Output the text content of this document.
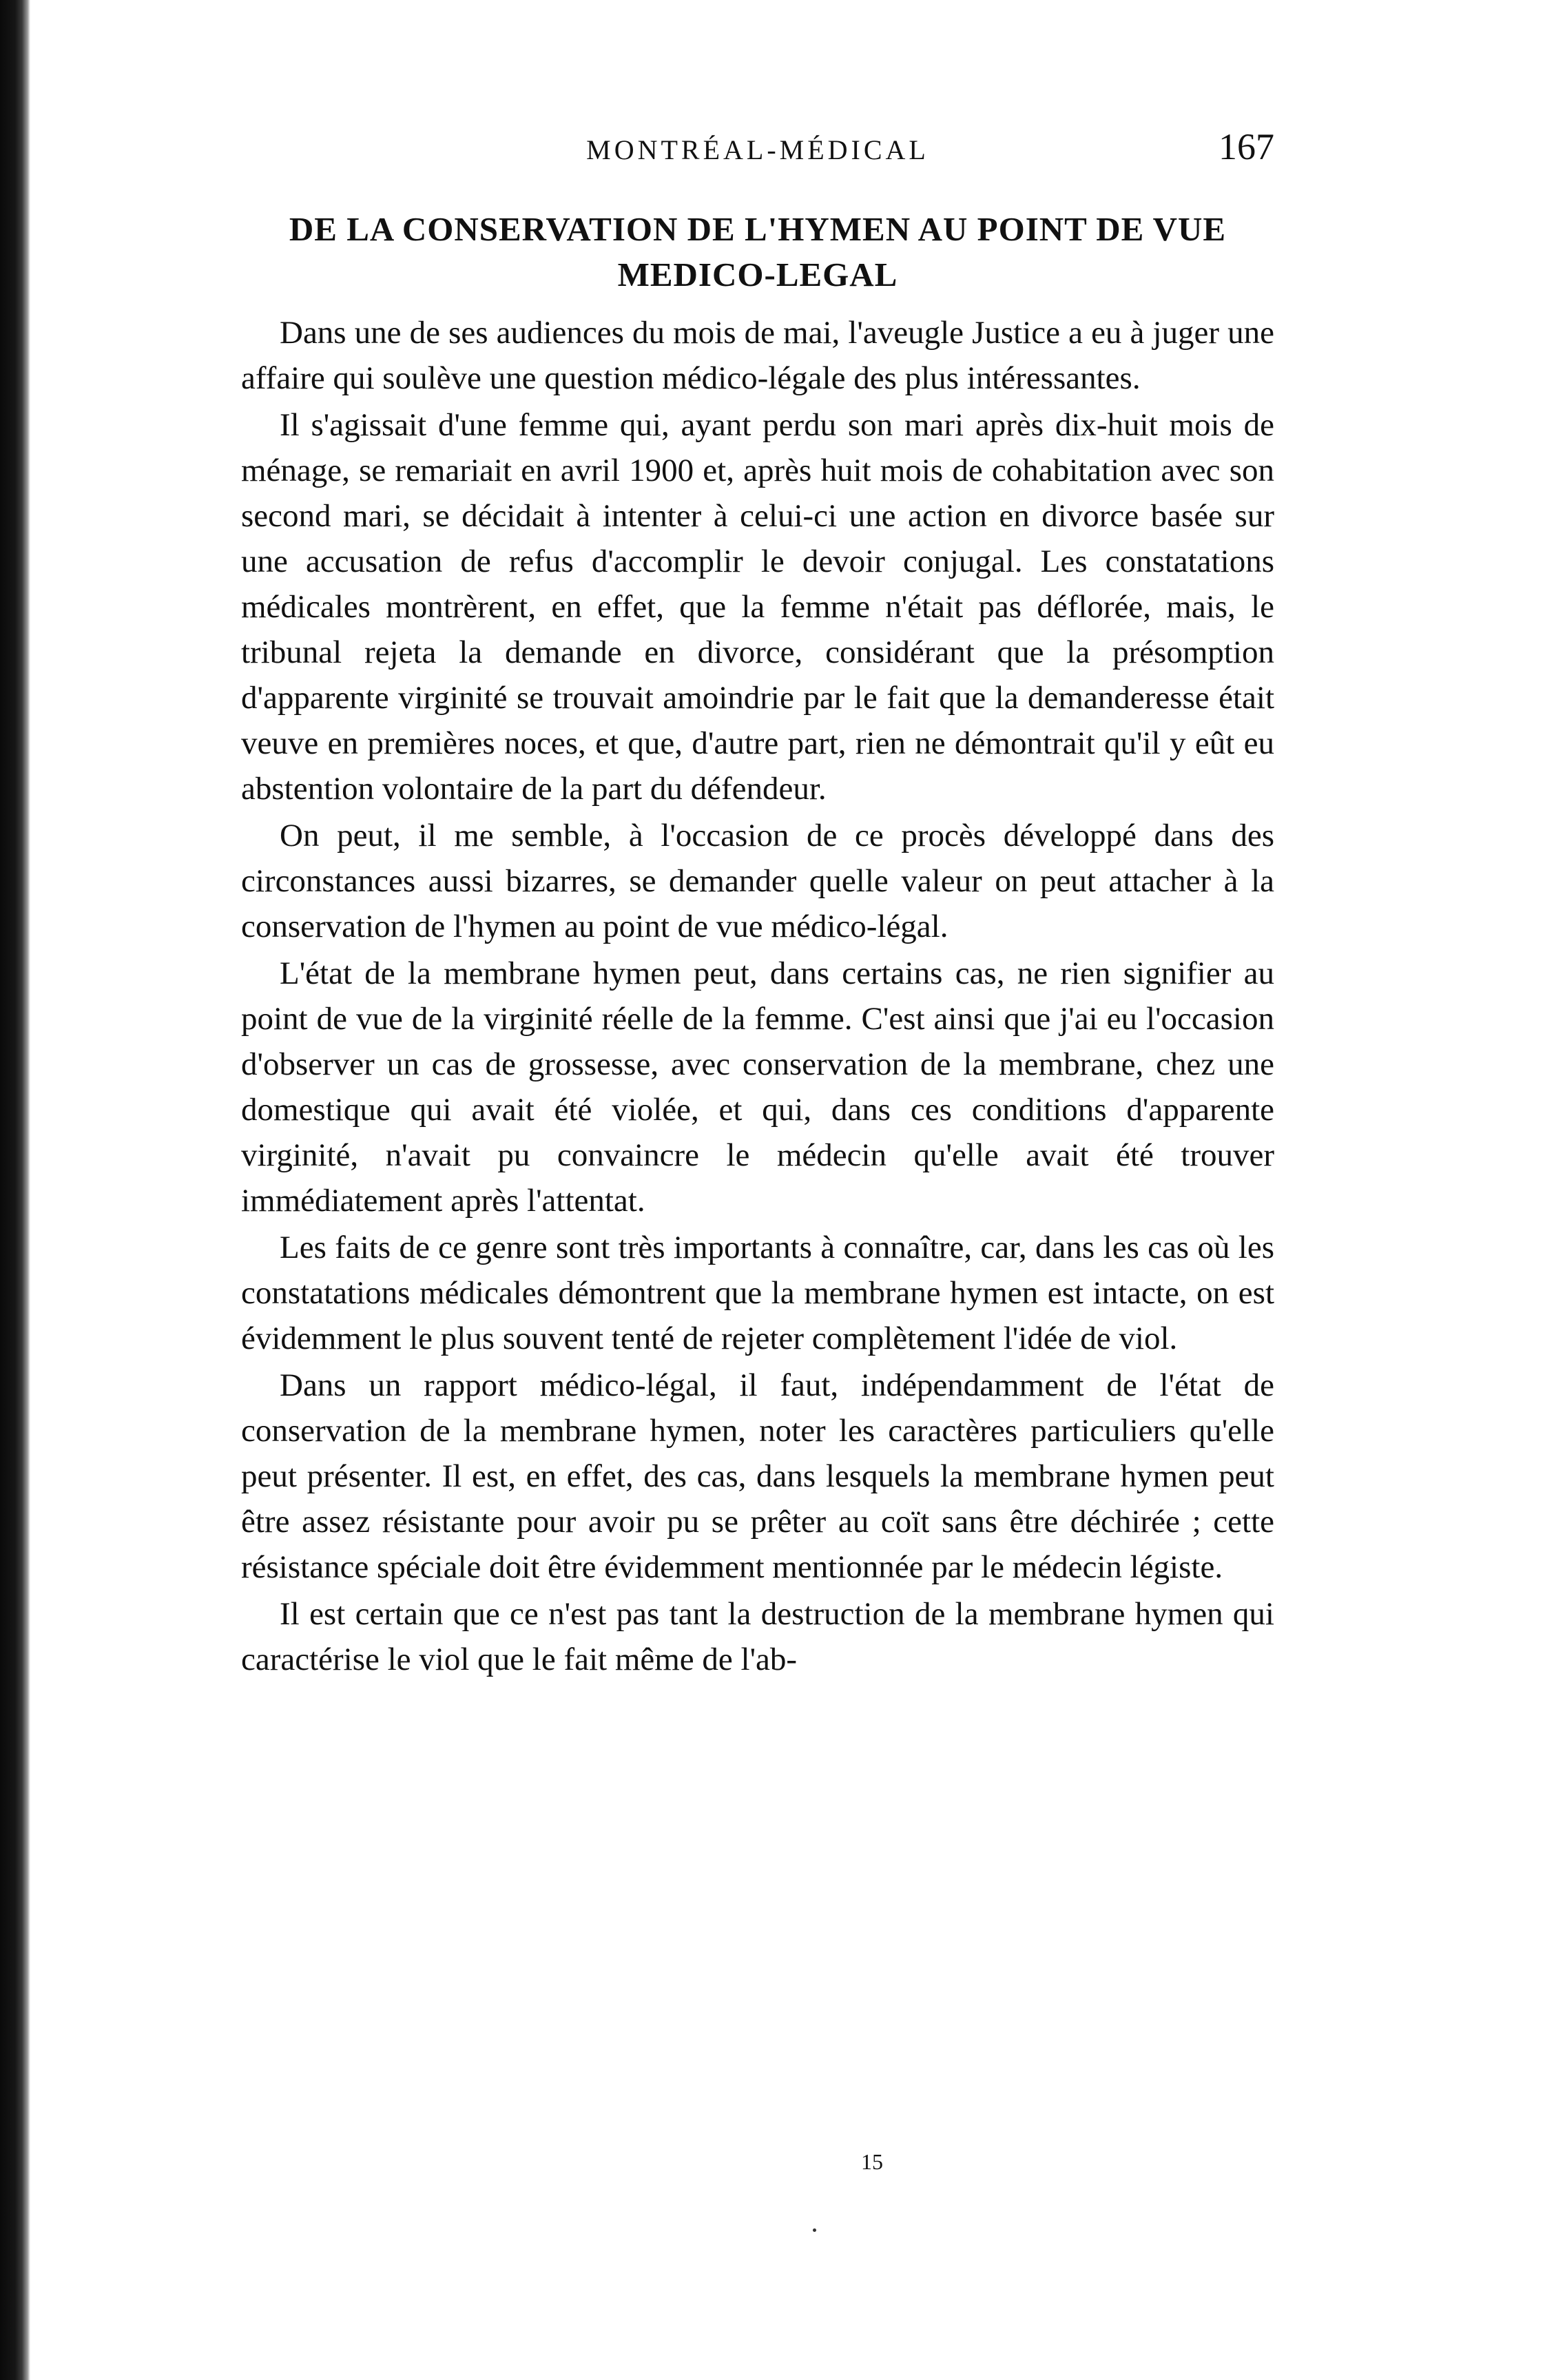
MONTRÉAL-MÉDICAL	167
DE LA CONSERVATION DE L'HYMEN AU POINT DE VUE
MEDICO-LEGAL

Dans une de ses audiences du mois de mai, l'aveugle Justice a eu à juger une affaire qui soulève une question médico-légale des plus intéressantes.

Il s'agissait d'une femme qui, ayant perdu son mari après dix-huit mois de ménage, se remariait en avril 1900 et, après huit mois de cohabitation avec son second mari, se décidait à intenter à celui-ci une action en divorce basée sur une accusation de refus d'accomplir le devoir conjugal. Les constatations médicales montrèrent, en effet, que la femme n'était pas déflorée, mais, le tribunal rejeta la demande en divorce, considérant que la présomption d'apparente virginité se trouvait amoindrie par le fait que la demanderesse était veuve en premières noces, et que, d'autre part, rien ne démontrait qu'il y eût eu abstention volontaire de la part du défendeur.

On peut, il me semble, à l'occasion de ce procès développé dans des circonstances aussi bizarres, se demander quelle valeur on peut attacher à la conservation de l'hymen au point de vue médico-légal.

L'état de la membrane hymen peut, dans certains cas, ne rien signifier au point de vue de la virginité réelle de la femme. C'est ainsi que j'ai eu l'occasion d'observer un cas de grossesse, avec conservation de la membrane, chez une domestique qui avait été violée, et qui, dans ces conditions d'apparente virginité, n'avait pu convaincre le médecin qu'elle avait été trouver immédiatement après l'attentat.

Les faits de ce genre sont très importants à connaître, car, dans les cas où les constatations médicales démontrent que la membrane hymen est intacte, on est évidemment le plus souvent tenté de rejeter complètement l'idée de viol.

Dans un rapport médico-légal, il faut, indépendamment de l'état de conservation de la membrane hymen, noter les caractères particuliers qu'elle peut présenter. Il est, en effet, des cas, dans lesquels la membrane hymen peut être assez résistante pour avoir pu se prêter au coït sans être déchirée ; cette résistance spéciale doit être évidemment mentionnée par le médecin légiste.

Il est certain que ce n'est pas tant la destruction de la membrane hymen qui caractérise le viol que le fait même de l'ab-

15
